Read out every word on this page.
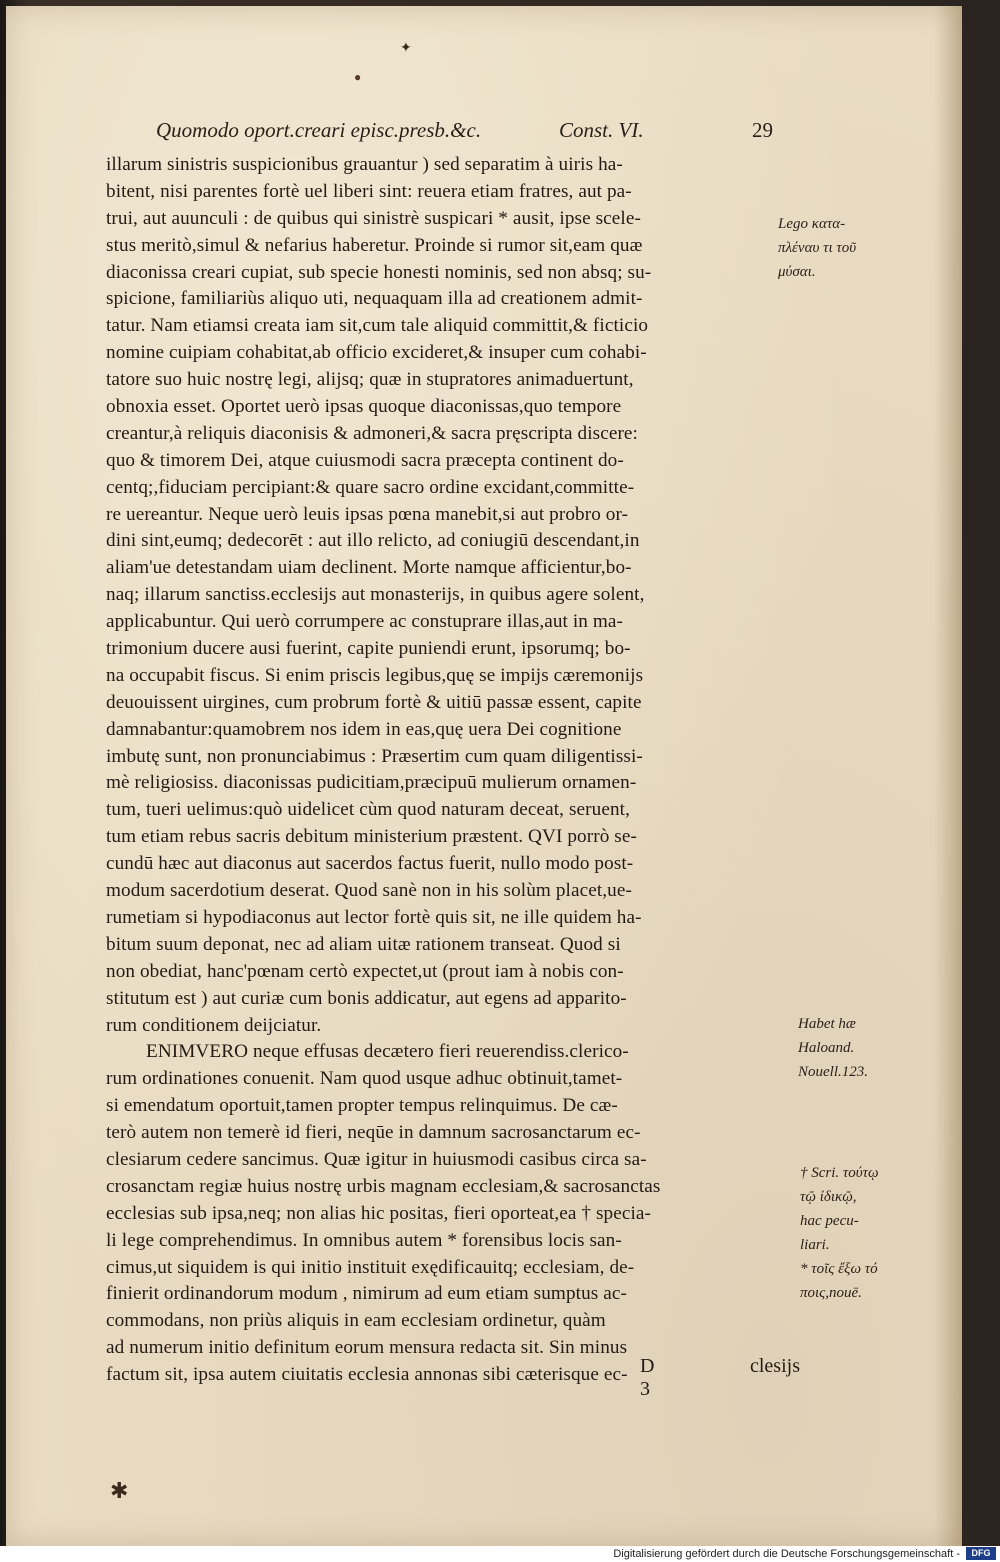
✦
●
Quomodo oport.creari episc.presb.&c.	Const. VI.	29
illarum sinistris suspicionibus grauantur ) sed separatim à uiris ha-
bitent, nisi parentes fortè uel liberi sint: reuera etiam fratres, aut pa-
trui, aut auunculi : de quibus qui sinistrè suspicari * ausit, ipse scele-
stus meritò,simul & nefarius haberetur. Proinde si rumor sit,eam quæ
diaconissa creari cupiat, sub specie honesti nominis, sed non absq; su-
spicione, familiariùs aliquo uti, nequaquam illa ad creationem admit-
tatur. Nam etiamsi creata iam sit,cum tale aliquid committit,& ficticio
nomine cuipiam cohabitat,ab officio excideret,& insuper cum cohabi-
tatore suo huic nostrę legi, alijsq; quæ in stupratores animaduertunt,
obnoxia esset. Oportet uerò ipsas quoque diaconissas,quo tempore
creantur,à reliquis diaconisis & admoneri,& sacra pręscripta discere:
quo & timorem Dei, atque cuiusmodi sacra præcepta continent do-
centq;,fiduciam percipiant:& quare sacro ordine excidant,committe-
re uereantur. Neque uerò leuis ipsas pœna manebit,si aut probro or-
dini sint,eumq; dedecorēt : aut illo relicto, ad coniugiū descendant,in
aliam'ue detestandam uiam declinent. Morte namque afficientur,bo-
naq; illarum sanctiss.ecclesijs aut monasterijs, in quibus agere solent,
applicabuntur. Qui uerò corrumpere ac constuprare illas,aut in ma-
trimonium ducere ausi fuerint, capite puniendi erunt, ipsorumq; bo-
na occupabit fiscus. Si enim priscis legibus,quę se impijs cæremonijs
deuouissent uirgines, cum probrum fortè & uitiū passæ essent, capite
damnabantur:quamobrem nos idem in eas,quę uera Dei cognitione
imbutę sunt, non pronunciabimus : Præsertim cum quam diligentissi-
mè religiosiss. diaconissas pudicitiam,præcipuū mulierum ornamen-
tum, tueri uelimus:quò uidelicet cùm quod naturam deceat, seruent,
tum etiam rebus sacris debitum ministerium præstent. QVI porrò se-
cundū hæc aut diaconus aut sacerdos factus fuerit, nullo modo post-
modum sacerdotium deserat. Quod sanè non in his solùm placet,ue-
rumetiam si hypodiaconus aut lector fortè quis sit, ne ille quidem ha-
bitum suum deponat, nec ad aliam uitæ rationem transeat. Quod si
non obediat, hanc'pœnam certò expectet,ut (prout iam à nobis con-
stitutum est ) aut curiæ cum bonis addicatur, aut egens ad apparito-
rum conditionem deijciatur.
ENIMVERO neque effusas decætero fieri reuerendiss.clerico-
rum ordinationes conuenit. Nam quod usque adhuc obtinuit,tamet-
si emendatum oportuit,tamen propter tempus relinquimus. De cæ-
terò autem non temerè id fieri, neqūe in damnum sacrosanctarum ec-
clesiarum cedere sancimus. Quæ igitur in huiusmodi casibus circa sa-
crosanctam regiæ huius nostrę urbis magnam ecclesiam,& sacrosanctas
ecclesias sub ipsa,neq; non alias hic positas, fieri oporteat,ea † specia-
li lege comprehendimus. In omnibus autem * forensibus locis san-
cimus,ut siquidem is qui initio instituit exędificauitq; ecclesiam, de-
finierit ordinandorum modum , nimirum ad eum etiam sumptus ac-
commodans, non priùs aliquis in eam ecclesiam ordinetur, quàm
ad numerum initio definitum eorum mensura redacta sit. Sin minus
factum sit, ipsa autem ciuitatis ecclesia annonas sibi cæterisque ec- D 3
clesijs
Lego κατα-
πλέναυ τι τοῦ
μύσαι.
Habet hæ
Haloand.
Nouell.123.
† Scri. τούτῳ
τῷ ἰδικῷ,
hac pecu-
liari.
* τοῖς ἔξω τό
ποις,nouē.
✱
Digitalisierung gefördert durch die Deutsche Forschungsgemeinschaft -	DFG
